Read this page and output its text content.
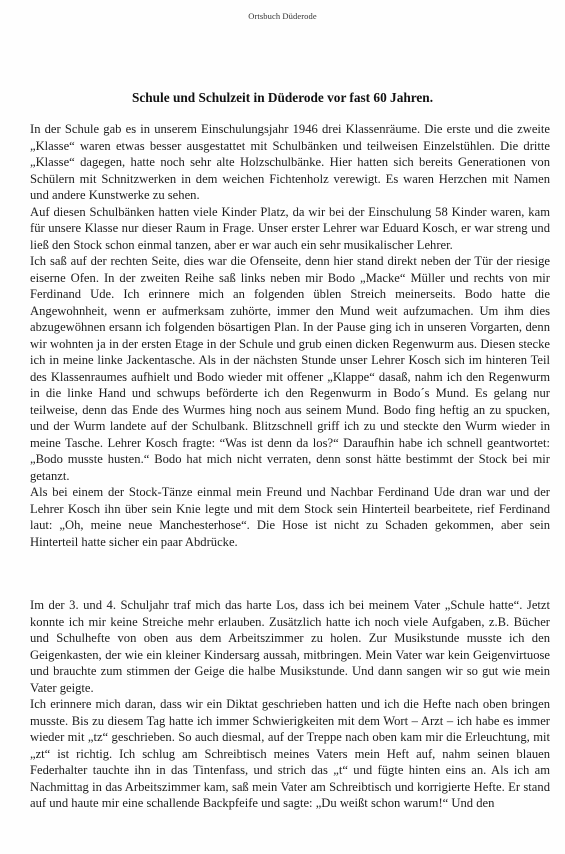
Ortsbuch Düderode
Schule und Schulzeit in Düderode vor fast 60 Jahren.

In der Schule gab es in unserem Einschulungsjahr 1946 drei Klassenräume. Die erste und die zweite „Klasse“ waren etwas besser ausgestattet mit Schulbänken und teilweisen Einzelstühlen. Die dritte „Klasse“ dagegen, hatte noch sehr alte Holzschulbänke. Hier hatten sich bereits Generationen von Schülern mit Schnitzwerken in dem weichen Fichtenholz verewigt. Es waren Herzchen mit Namen und andere Kunstwerke zu sehen.

Auf diesen Schulbänken hatten viele Kinder Platz, da wir bei der Einschulung 58 Kinder waren, kam für unsere Klasse nur dieser Raum in Frage. Unser erster Lehrer war Eduard Kosch, er war streng und ließ den Stock schon einmal tanzen, aber er war auch ein sehr musikalischer Lehrer.

Ich saß auf der rechten Seite, dies war die Ofenseite, denn hier stand direkt neben der Tür der riesige eiserne Ofen. In der zweiten Reihe saß links neben mir Bodo „Macke“ Müller und rechts von mir Ferdinand Ude. Ich erinnere mich an folgenden üblen Streich meinerseits. Bodo hatte die Angewohnheit, wenn er aufmerksam zuhörte, immer den Mund weit aufzumachen. Um ihm dies abzugewöhnen ersann ich folgenden bösartigen Plan. In der Pause ging ich in unseren Vorgarten, denn wir wohnten ja in der ersten Etage in der Schule und grub einen dicken Regenwurm aus. Diesen stecke ich in meine linke Jackentasche. Als in der nächsten Stunde unser Lehrer Kosch sich im hinteren Teil des Klassenraumes aufhielt und Bodo wieder mit offener „Klappe“ dasaß, nahm ich den Regenwurm in die linke Hand und schwups beförderte ich den Regenwurm in Bodo´s Mund. Es gelang nur teilweise, denn das Ende des Wurmes hing noch aus seinem Mund. Bodo fing heftig an zu spucken, und der Wurm landete auf der Schulbank. Blitzschnell griff ich zu und steckte den Wurm wieder in meine Tasche. Lehrer Kosch fragte: “Was ist denn da los?“ Daraufhin habe ich schnell geantwortet: „Bodo musste husten.“ Bodo hat mich nicht verraten, denn sonst hätte bestimmt der Stock bei mir getanzt.

Als bei einem der Stock-Tänze einmal mein Freund und Nachbar Ferdinand Ude dran war und der Lehrer Kosch ihn über sein Knie legte und mit dem Stock sein Hinterteil bearbeitete, rief Ferdinand laut: „Oh, meine neue Manchesterhose“. Die Hose ist nicht zu Schaden gekommen, aber sein Hinterteil hatte sicher ein paar Abdrücke.

Im der 3. und 4. Schuljahr traf mich das harte Los, dass ich bei meinem Vater „Schule hatte“. Jetzt konnte ich mir keine Streiche mehr erlauben. Zusätzlich hatte ich noch viele Aufgaben, z.B. Bücher und Schulhefte von oben aus dem Arbeitszimmer zu holen. Zur Musikstunde musste ich den Geigenkasten, der wie ein kleiner Kindersarg aussah, mitbringen. Mein Vater war kein Geigenvirtuose und brauchte zum stimmen der Geige die halbe Musikstunde. Und dann sangen wir so gut wie mein Vater geigte.

Ich erinnere mich daran, dass wir ein Diktat geschrieben hatten und ich die Hefte nach oben bringen musste. Bis zu diesem Tag hatte ich immer Schwierigkeiten mit dem Wort – Arzt – ich habe es immer wieder mit „tz“ geschrieben. So auch diesmal, auf der Treppe nach oben kam mir die Erleuchtung, mit „zt“ ist richtig. Ich schlug am Schreibtisch meines Vaters mein Heft auf, nahm seinen blauen Federhalter tauchte ihn in das Tintenfass, und strich das „t“ und fügte hinten eins an. Als ich am Nachmittag in das Arbeitszimmer kam, saß mein Vater am Schreibtisch und korrigierte Hefte. Er stand auf und haute mir eine schallende Backpfeife und sagte: „Du weißt schon warum!“ Und den
